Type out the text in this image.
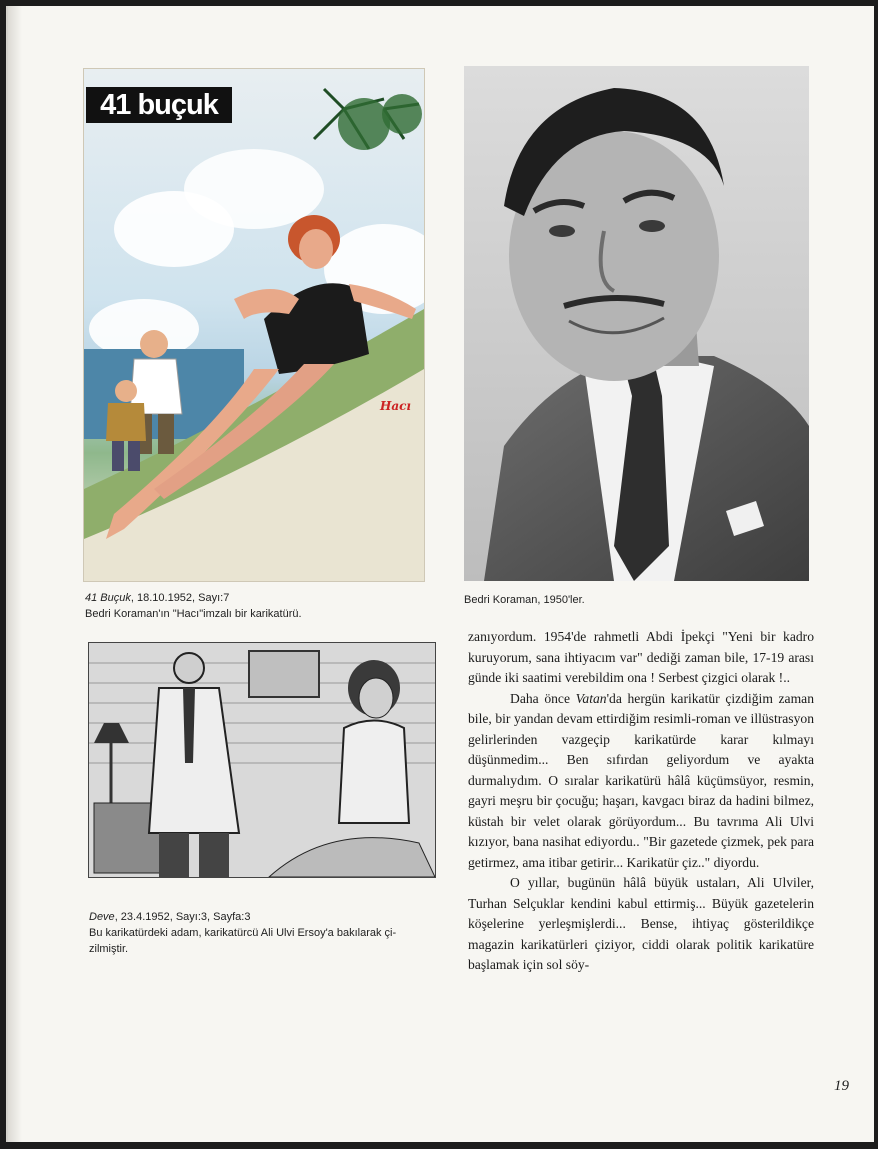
41 buçuk
Hacı
41 Buçuk, 18.10.1952, Sayı:7
Bedri Koraman'ın "Hacı"imzalı bir karikatürü.
Bedri Koraman, 1950'ler.
Deve, 23.4.1952, Sayı:3, Sayfa:3
Bu karikatürdeki adam, karikatürcü Ali Ulvi Ersoy'a bakılarak çi-
zilmiştir.

zanıyordum. 1954'de rahmetli Abdi İpekçi "Yeni bir kadro kuruyorum, sana ihtiyacım var" dediği zaman bile, 17-19 arası günde iki saatimi verebildim ona ! Serbest çizgici olarak !..

Daha önce Vatan'da hergün karikatür çizdiğim zaman bile, bir yandan devam ettirdiğim resimli-roman ve illüstrasyon gelirlerinden vazgeçip karikatürde karar kılmayı düşünmedim... Ben sıfırdan geliyordum ve ayakta durmalıydım. O sıralar karikatürü hâlâ küçümsüyor, resmin, gayri meşru bir çocuğu; haşarı, kavgacı biraz da hadini bilmez, küstah bir velet olarak görüyordum... Bu tavrıma Ali Ulvi kızıyor, bana nasihat ediyordu.. "Bir gazetede çizmek, pek para getirmez, ama itibar getirir... Karikatür çiz.." diyordu.

O yıllar, bugünün hâlâ büyük ustaları, Ali Ulviler, Turhan Selçuklar kendini kabul ettirmiş... Büyük gazetelerin köşelerine yerleşmişlerdi... Bense, ihtiyaç gösterildikçe magazin karikatürleri çiziyor, ciddi olarak politik karikatüre başlamak için sol söy-

19
